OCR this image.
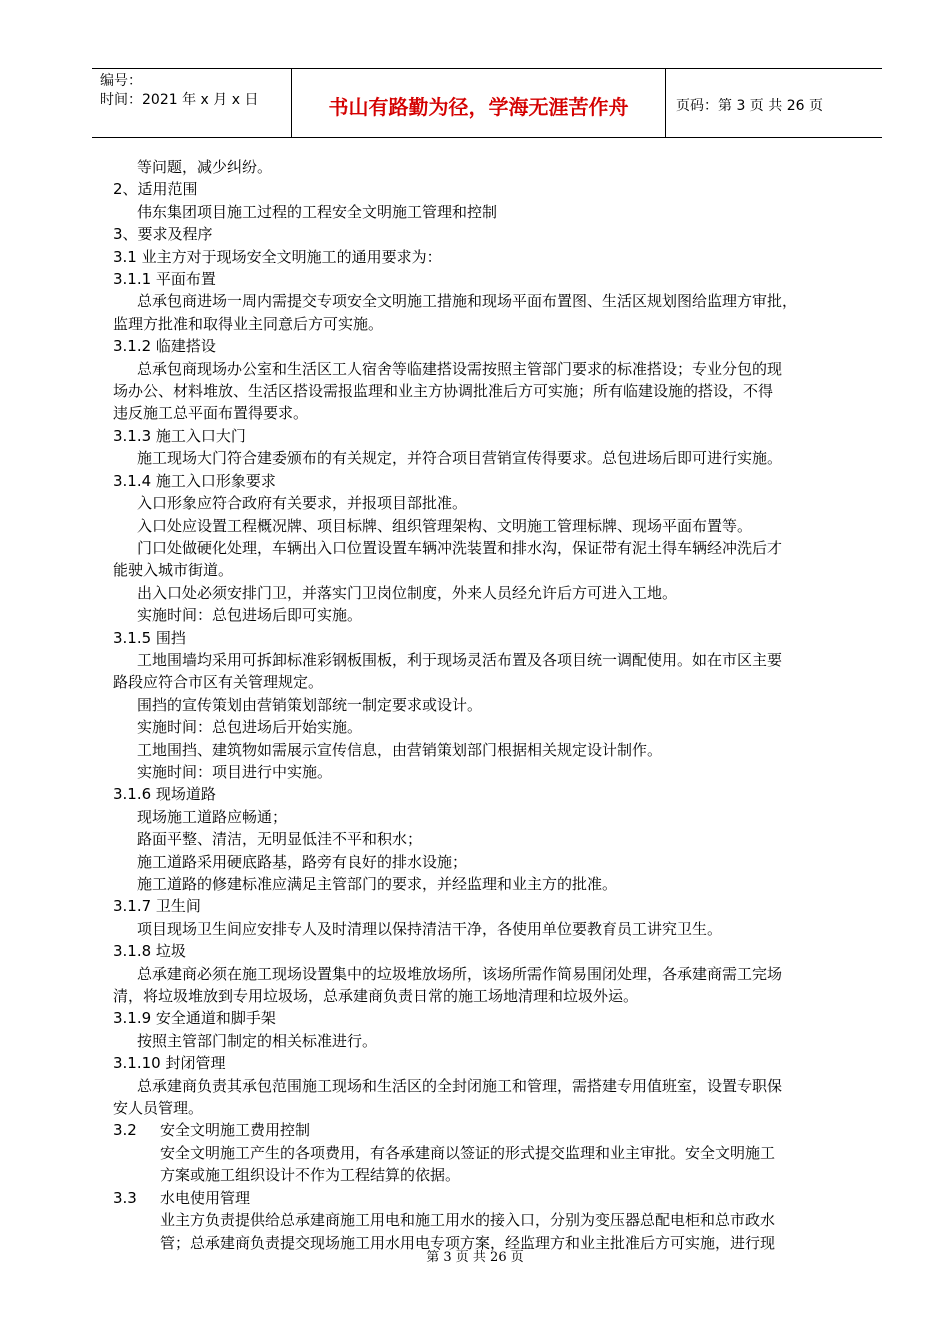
编号：
时间：2021 年 x 月 x 日	书山有路勤为径，学海无涯苦作舟	页码：第 3 页 共 26 页
等问题，减少纠纷。
2、适用范围
伟东集团项目施工过程的工程安全文明施工管理和控制
3、要求及程序
3.1 业主方对于现场安全文明施工的通用要求为：
3.1.1 平面布置
总承包商进场一周内需提交专项安全文明施工措施和现场平面布置图、生活区规划图给监理方审批，
监理方批准和取得业主同意后方可实施。
3.1.2 临建搭设
总承包商现场办公室和生活区工人宿舍等临建搭设需按照主管部门要求的标准搭设；专业分包的现
场办公、材料堆放、生活区搭设需报监理和业主方协调批准后方可实施；所有临建设施的搭设，不得
违反施工总平面布置得要求。
3.1.3 施工入口大门
施工现场大门符合建委颁布的有关规定，并符合项目营销宣传得要求。总包进场后即可进行实施。
3.1.4 施工入口形象要求
入口形象应符合政府有关要求，并报项目部批准。
入口处应设置工程概况牌、项目标牌、组织管理架构、文明施工管理标牌、现场平面布置等。
门口处做硬化处理，车辆出入口位置设置车辆冲洗装置和排水沟，保证带有泥土得车辆经冲洗后才
能驶入城市街道。
出入口处必须安排门卫，并落实门卫岗位制度，外来人员经允许后方可进入工地。
实施时间：总包进场后即可实施。
3.1.5 围挡
工地围墙均采用可拆卸标准彩钢板围板，利于现场灵活布置及各项目统一调配使用。如在市区主要
路段应符合市区有关管理规定。
围挡的宣传策划由营销策划部统一制定要求或设计。
实施时间：总包进场后开始实施。
工地围挡、建筑物如需展示宣传信息，由营销策划部门根据相关规定设计制作。
实施时间：项目进行中实施。
3.1.6 现场道路
现场施工道路应畅通；
路面平整、清洁，无明显低洼不平和积水；
施工道路采用硬底路基，路旁有良好的排水设施；
施工道路的修建标准应满足主管部门的要求，并经监理和业主方的批准。
3.1.7 卫生间
项目现场卫生间应安排专人及时清理以保持清洁干净，各使用单位要教育员工讲究卫生。
3.1.8 垃圾
总承建商必须在施工现场设置集中的垃圾堆放场所，该场所需作简易围闭处理，各承建商需工完场
清，将垃圾堆放到专用垃圾场，总承建商负责日常的施工场地清理和垃圾外运。
3.1.9 安全通道和脚手架
按照主管部门制定的相关标准进行。
3.1.10 封闭管理
总承建商负责其承包范围施工现场和生活区的全封闭施工和管理，需搭建专用值班室，设置专职保
安人员管理。
3.2 安全文明施工费用控制
安全文明施工产生的各项费用，有各承建商以签证的形式提交监理和业主审批。安全文明施工
方案或施工组织设计不作为工程结算的依据。
3.3 水电使用管理
业主方负责提供给总承建商施工用电和施工用水的接入口，分别为变压器总配电柜和总市政水
管；总承建商负责提交现场施工用水用电专项方案，经监理方和业主批准后方可实施，进行现
第 3 页 共 26 页
